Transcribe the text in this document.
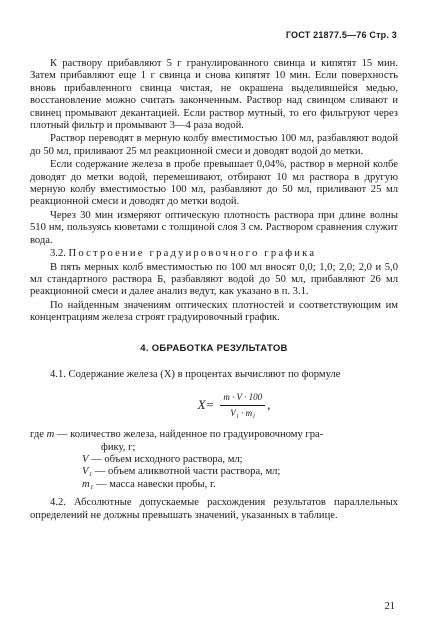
ГОСТ 21877.5—76 Стр. 3

К раствору прибавляют 5 г гранулированного свинца и кипятят 15 мин. Затем прибавляют еще 1 г свинца и снова кипятят 10 мин. Если поверхность вновь прибавленного свинца чистая, не окрашена выделившейся медью, восстановление можно считать законченным. Раствор над свинцом сливают и свинец промывают декантацией. Если раствор мутный, то его фильтруют через плотный фильтр и промывают 3—4 раза водой.

Раствор переводят в мерную колбу вместимостью 100 мл, разбавляют водой до 50 мл, приливают 25 мл реакционной смеси и доводят водой до метки.

Если содержание железа в пробе превышает 0,04%, раствор в мерной колбе доводят до метки водой, перемешивают, отбирают 10 мл раствора в другую мерную колбу вместимостью 100 мл, разбавляют до 50 мл, приливают 25 мл реакционной смеси и доводят до метки водой.

Через 30 мин измеряют оптическую плотность раствора при длине волны 510 нм, пользуясь кюветами с толщиной слоя 3 см. Раствором сравнения служит вода.

3.2. Построение градуировочного графика

В пять мерных колб вместимостью по 100 мл вносят 0,0; 1,0; 2,0; 2,0 и 5,0 мл стандартного раствора Б, разбавляют водой до 50 мл, прибавляют 26 мл реакционной смеси и далее анализ ведут, как указано в п. 3.1.

По найденным значениям оптических плотностей и соответствующим им концентрациям железа строят градуировочный график.

4. ОБРАБОТКА РЕЗУЛЬТАТОВ

4.1. Содержание железа (X) в процентах вычисляют по формуле

$X= \frac{m \cdot V \cdot 100}{\text{V₁ · m₁}}$ ,
где
m
— количество железа, найденное по градуировочному гра-
фику, г;
V
— объем исходного раствора, мл;
V₁
— объем аликвотной части раствора, мл;
m₁
— масса навески пробы, г.

4.2. Абсолютные допускаемые расхождения результатов параллельных определений не должны превышать значений, указанных в таблице.

21
